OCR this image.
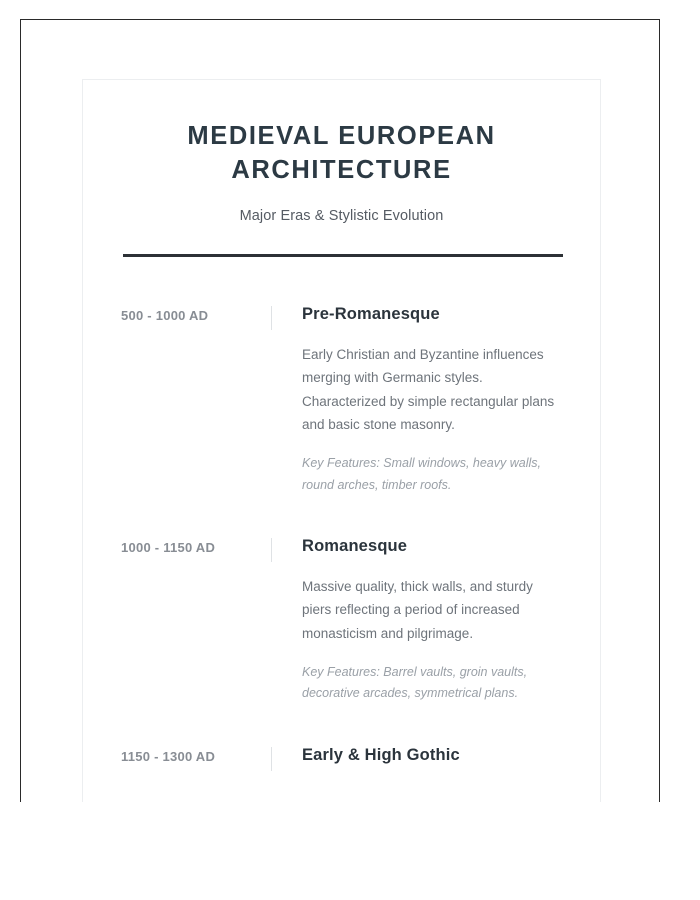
MEDIEVAL EUROPEAN ARCHITECTURE
Major Eras & Stylistic Evolution
500 - 1000 AD	Pre-Romanesque
Early Christian and Byzantine influences merging with Germanic styles. Characterized by simple rectangular plans and basic stone masonry.
Key Features: Small windows, heavy walls, round arches, timber roofs.
1000 - 1150 AD	Romanesque
Massive quality, thick walls, and sturdy piers reflecting a period of increased monasticism and pilgrimage.
Key Features: Barrel vaults, groin vaults, decorative arcades, symmetrical plans.
1150 - 1300 AD	Early & High Gothic
